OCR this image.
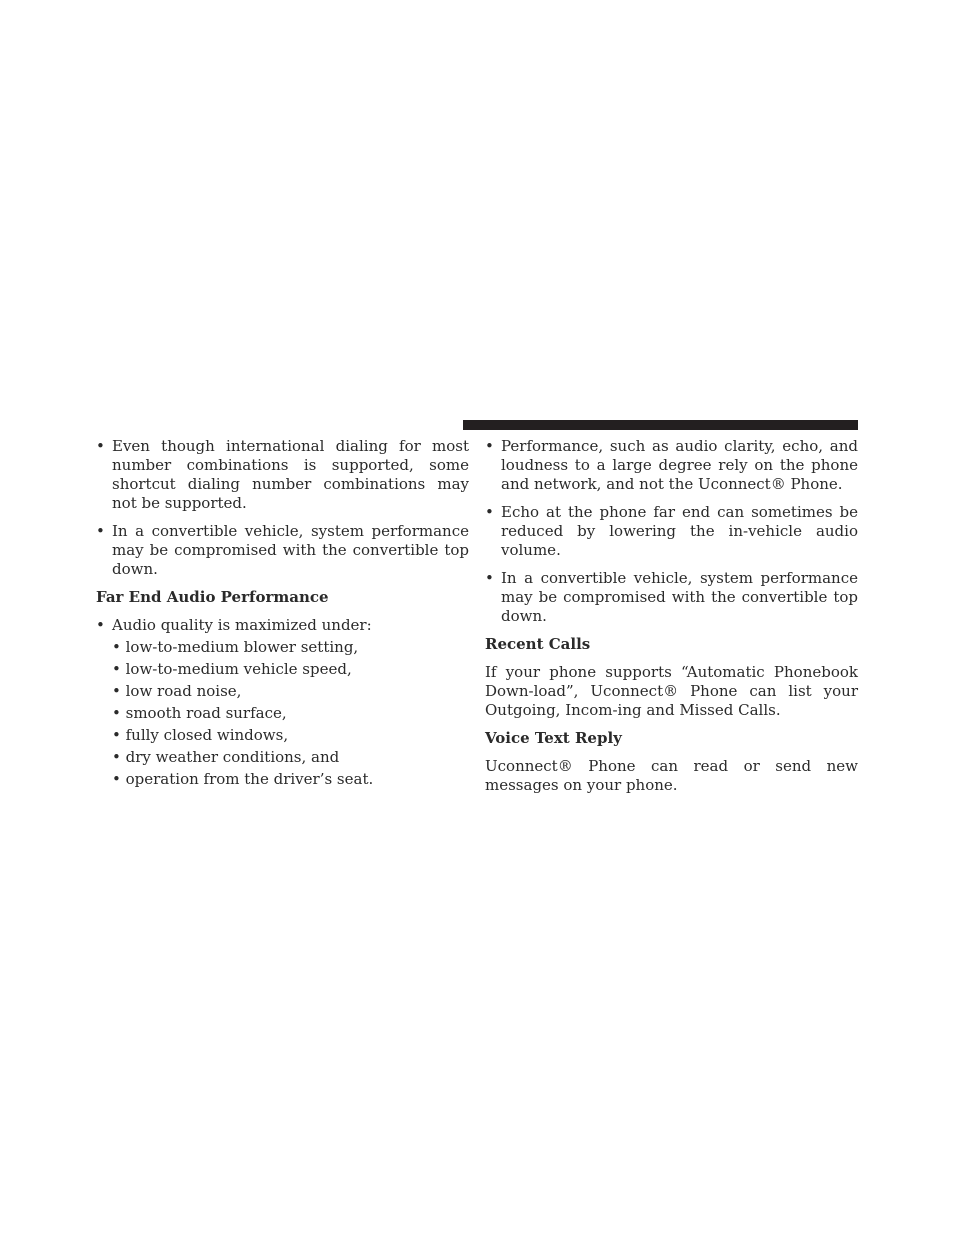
• Even though international dialing for most number combinations is supported, some shortcut dialing number combinations may not be supported.
• In a convertible vehicle, system performance may be compromised with the convertible top down.
Far End Audio Performance
• Audio quality is maximized under:
• low-to-medium blower setting,
• low-to-medium vehicle speed,
• low road noise,
• smooth road surface,
• fully closed windows,
• dry weather conditions, and
• operation from the driver’s seat.
• Performance, such as audio clarity, echo, and loudness to a large degree rely on the phone and network, and not the Uconnect® Phone.
• Echo at the phone far end can sometimes be reduced by lowering the in-vehicle audio volume.
• In a convertible vehicle, system performance may be compromised with the convertible top down.
Recent Calls
If your phone supports “Automatic Phonebook Down-load”, Uconnect® Phone can list your Outgoing, Incom-ing and Missed Calls.
Voice Text Reply
Uconnect® Phone can read or send new messages on your phone.
